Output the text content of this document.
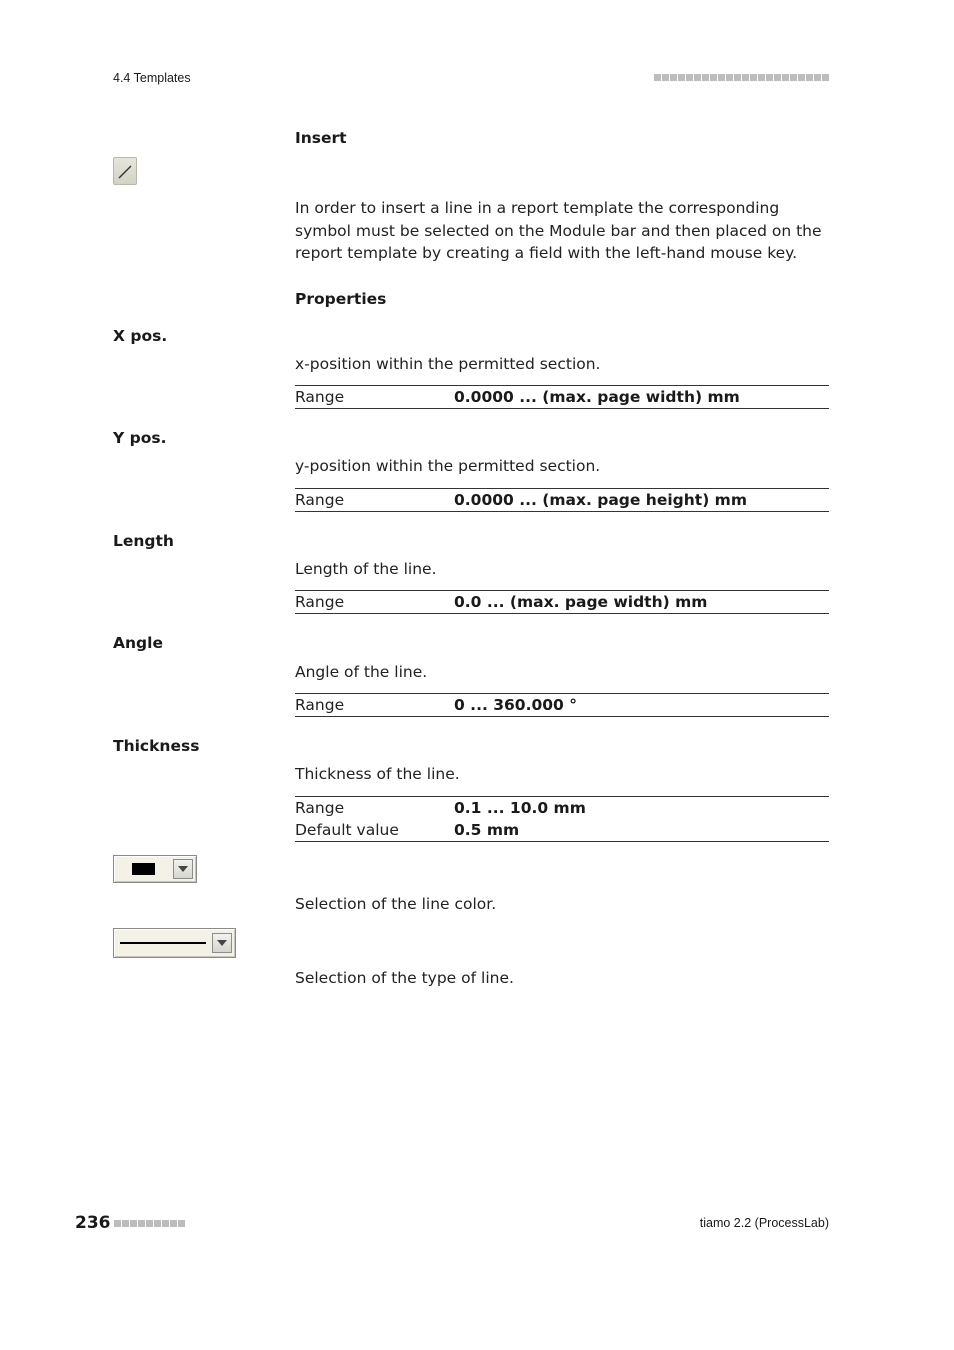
4.4 Templates
Insert
In order to insert a line in a report template the corresponding symbol must be selected on the Module bar and then placed on the report template by creating a field with the left-hand mouse key.
Properties
X pos.
x-position within the permitted section.
Range	0.0000 ... (max. page width) mm
Y pos.
y-position within the permitted section.
Range	0.0000 ... (max. page height) mm
Length
Length of the line.
Range	0.0 ... (max. page width) mm
Angle
Angle of the line.
Range	0 ... 360.000 °
Thickness
Thickness of the line.
Range	0.1 ... 10.0 mm
Default value	0.5 mm
Selection of the line color.
Selection of the type of line.
236	tiamo 2.2 (ProcessLab)
